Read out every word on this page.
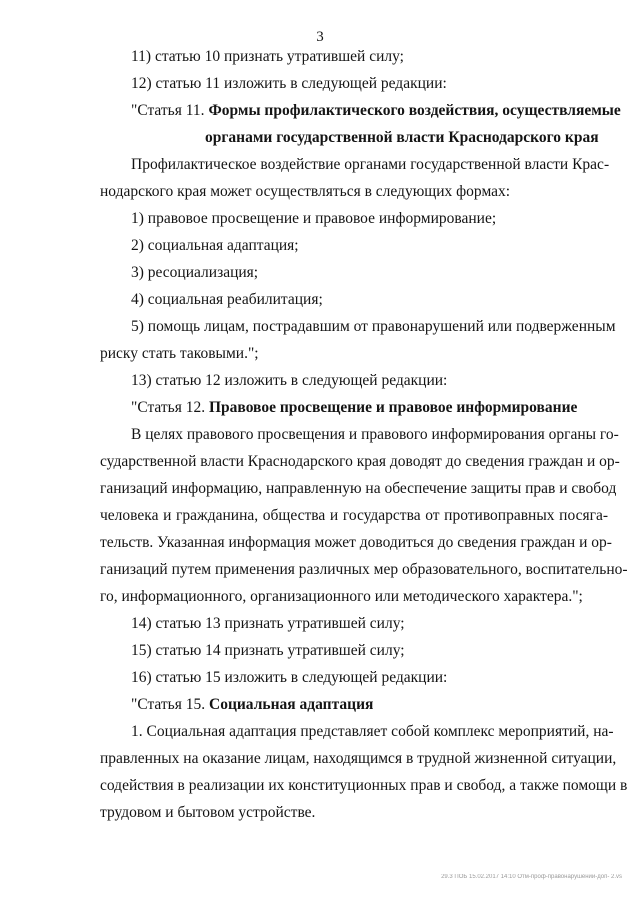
3
11) статью 10 признать утратившей силу;
12) статью 11 изложить в следующей редакции:
"Статья 11. Формы профилактического воздействия, осуществляемые
органами государственной власти Краснодарского края
Профилактическое воздействие органами государственной власти Крас-
нодарского края может осуществляться в следующих формах:
1) правовое просвещение и правовое информирование;
2) социальная адаптация;
3) ресоциализация;
4) социальная реабилитация;
5) помощь лицам, пострадавшим от правонарушений или подверженным
риску стать таковыми.";
13) статью 12 изложить в следующей редакции:
"Статья 12. Правовое просвещение и правовое информирование
В целях правового просвещения и правового информирования органы го-
сударственной власти Краснодарского края доводят до сведения граждан и ор-
ганизаций информацию, направленную на обеспечение защиты прав и свобод
человека и гражданина, общества и государства от противоправных посяга-
тельств. Указанная информация может доводиться до сведения граждан и ор-
ганизаций путем применения различных мер образовательного, воспитательно-
го, информационного, организационного или методического характера.";
14) статью 13 признать утратившей силу;
15) статью 14 признать утратившей силу;
16) статью 15 изложить в следующей редакции:
"Статья 15. Социальная адаптация
1. Социальная адаптация представляет собой комплекс мероприятий, на-
правленных на оказание лицам, находящимся в трудной жизненной ситуации,
содействия в реализации их конституционных прав и свобод, а также помощи в
трудовом и бытовом устройстве.
29.3 ПОБ 15.02.2017 14:10 Отм-проф-правонарушений-доп- 2.vs
